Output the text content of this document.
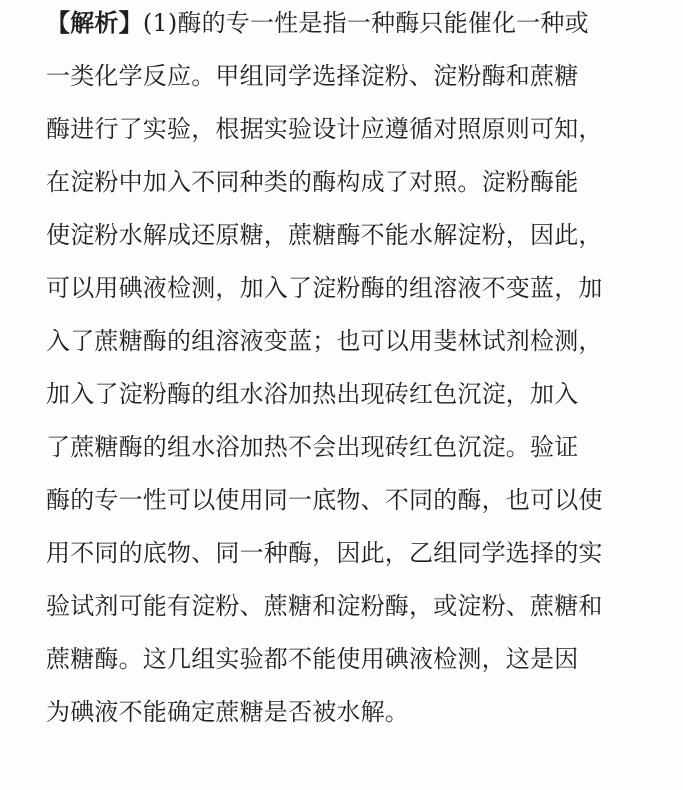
【解析】(1)酶的专一性是指一种酶只能催化一种或
一类化学反应。甲组同学选择淀粉、淀粉酶和蔗糖
酶进行了实验，根据实验设计应遵循对照原则可知，
在淀粉中加入不同种类的酶构成了对照。淀粉酶能
使淀粉水解成还原糖，蔗糖酶不能水解淀粉，因此，
可以用碘液检测，加入了淀粉酶的组溶液不变蓝，加
入了蔗糖酶的组溶液变蓝；也可以用斐林试剂检测，
加入了淀粉酶的组水浴加热出现砖红色沉淀，加入
了蔗糖酶的组水浴加热不会出现砖红色沉淀。验证
酶的专一性可以使用同一底物、不同的酶，也可以使
用不同的底物、同一种酶，因此，乙组同学选择的实
验试剂可能有淀粉、蔗糖和淀粉酶，或淀粉、蔗糖和
蔗糖酶。这几组实验都不能使用碘液检测，这是因
为碘液不能确定蔗糖是否被水解。
